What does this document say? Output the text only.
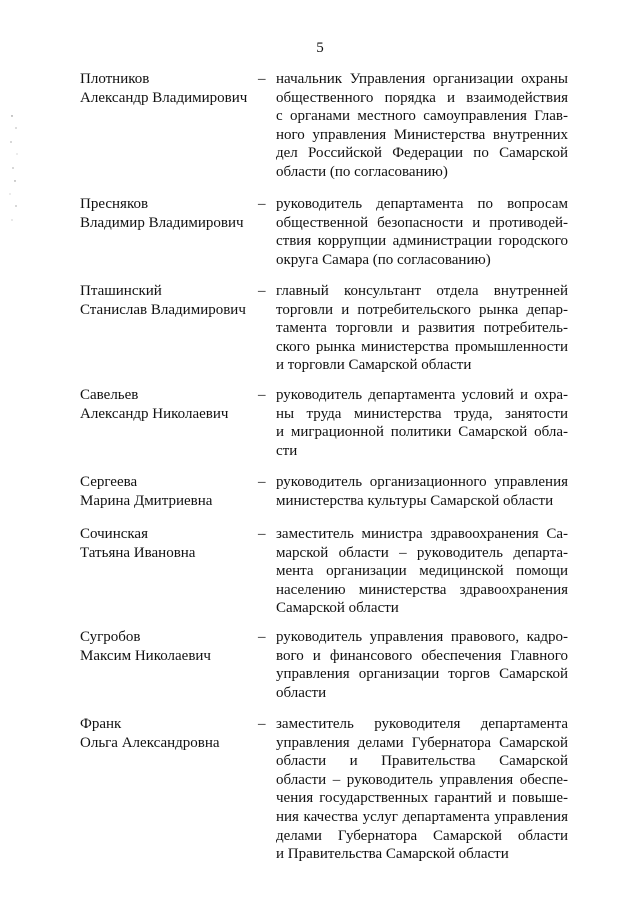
5
Плотников
Александр Владимирович
– начальник Управления организации охраны
общественного порядка и взаимодействия
с органами местного самоуправления Глав-
ного управления Министерства внутренних
дел Российской Федерации по Самарской
области (по согласованию)
Пресняков
Владимир Владимирович
– руководитель департамента по вопросам
общественной безопасности и противодей-
ствия коррупции администрации городского
округа Самара (по согласованию)
Пташинский
Станислав Владимирович
– главный консультант отдела внутренней
торговли и потребительского рынка депар-
тамента торговли и развития потребитель-
ского рынка министерства промышленности
и торговли Самарской области
Савельев
Александр Николаевич
– руководитель департамента условий и охра-
ны труда министерства труда, занятости
и миграционной политики Самарской обла-
сти
Сергеева
Марина Дмитриевна
– руководитель организационного управления
министерства культуры Самарской области
Сочинская
Татьяна Ивановна
– заместитель министра здравоохранения Са-
марской области – руководитель департа-
мента организации медицинской помощи
населению министерства здравоохранения
Самарской области
Сугробов
Максим Николаевич
– руководитель управления правового, кадро-
вого и финансового обеспечения Главного
управления организации торгов Самарской
области
Франк
Ольга Александровна
– заместитель руководителя департамента
управления делами Губернатора Самарской
области и Правительства Самарской
области – руководитель управления обеспе-
чения государственных гарантий и повыше-
ния качества услуг департамента управления
делами Губернатора Самарской области
и Правительства Самарской области
